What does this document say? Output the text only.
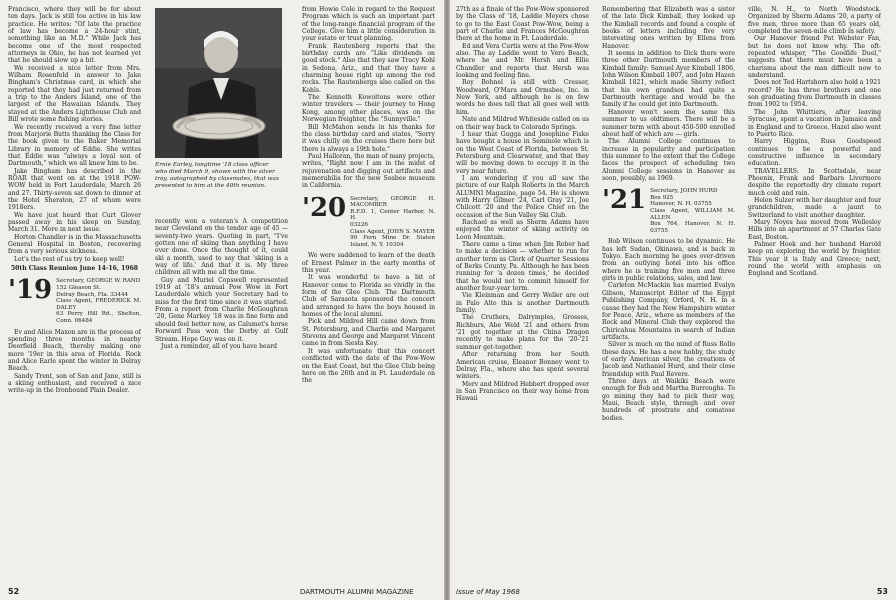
Francisco, where they will be for about ten days. Jack is still too active in his law practice. He writes: "Of late the practice of law has become a 24-hour stint, something like an M.D." While Jack has become one of the most respected attorneys in Ohio, he has not learned yet that he should slow up a bit.

We received a nice letter from Mrs. Wilham Rosenfeld in answer to Jake Bingham's Christmas card, in which she reported that they had just returned from a trip to the Anders Island, one of the largest of the Hawaiian Islands. They stayed at the Anders Lighthouse Club and Bill wrote some fishing stories.

We recently received a very fine letter from Marjorie Butts thanking the Class for the book given to the Baker Memorial Library in memory of Eddie. She writes that Eddie was "always a loyal son of Dartmouth," which we all knew him to be.

Jake Bingham has described in the ROAR that went on at the 1918 POW-WOW held in Fort Lauderdale, March 26 and 27. Thirty-seven sat down to dinner at the Hotel Sheraton, 27 of whom were 1918ers.

We have just heard that Curt Glover passed away in his sleep on Sunday, March 31. More in next issue.

Horton Chandler is in the Massachusetts General Hospital in Boston, recovering from a very serious sickness.

Let's the rest of us try to keep well!

50th Class Reunion June 14-16, 1968

'19 Secretary, GEORGE W. RAND
152 Gleason St.
Delray Beach, Fla. 33444
Class Agent, FREDERICK M. DALEY
63 Perry Hill Rd., Shelton, Conn. 06484

Ev and Alice Maxon are in the process of spending three months in nearby Deerfield Beach, thereby making one more '19er in this area of Florida. Rock and Alice Earle spent the winter in Delray Beach.

Sandy Trent, son of San and Jane, still is a skiing enthusiast, and received a nice write-up in the Ironbound Plain Dealer.

Ernie Earley, longtime '18 class officer who died March 9, shown with the silver tray, autographed by classmates, that was presented to him at the 40th reunion.

recently won a veteran's A competition near Cleveland on the tender age of 45 — seventy-two years. Quoting in part, "I've gotten one of skiing than anything I have ever done. Once the thought of it, could ski a month, used to say that 'skiing is a way of life.' And that it is. My three children all with me all the time.

Guy and Muriel Copswell represented 1919 at '18's annual Pow Wow in Fort Lauderdale which your Secretary had to miss for the first time since it was started. From a report from Charlie McGoughran '20, Gene Markey '18 was in fine form and should feel better now, as Calumet's horse Forward Pass won the Derby at Gulf Stream. Hope Guy was on it.

Just a reminder, all of you have heard

from Howie Cole in regard to the Request Program which is such an important part of the long-range financial program of the College. Give him a little consideration in your estate or trust planning.

Frank Rautenberg reports that the birthday cards are "Like dividends on good stock." Also that they saw Tracy Kohl in Sedona, Ariz., and that they have a charming house right up among the red rocks. The Rautenbergs also called on the Kohls.

The Kenneth Kowoltons were other winter travelers — their journey to Hong Kong, among other places, was on the Norwegian freighter, the "Sunnyville."

Bill McMahon sends in his thanks for the class birthday card and states, "Sorry it was chilly on the cruises there here but there is always a 19th hole."

Paul Halloran, the man of many projects, writes, "Right now I am in the midst of rejuvenation and digging out artifacts and memorabilia for the new Seabee museum in California.

'20 Secretary, GEORGE H. MACOMBER
R.F.D. 1, Center Harbor, N. H.
03226
Class Agent, JOHN S. MAYER
90 Fern Mine Dr. Staten Island, N. Y. 10304

We were saddened to learn of the death of Ernest Palmer in the early months of this year.

It was wonderful to have a bit of Hanover come to Florida so vividly in the form of the Glee Club. The Dartmouth Club of Sarasota sponsored the concert and arranged to have the boys housed in homes of the local alumni.

Pick and Mildred Hill came down from St. Petersburg, and Charlie and Margaret Stevens and George and Margaret Vincent came in from Siesta Key.

It was unfortunate that this concert conflicted with the date of the Pow-Wow on the East Coast, but the Glee Club being here on the 26th and in Ft. Lauderdale on the

52	DARTMOUTH ALUMNI MAGAZINE

27th as a finale of the Pow-Wow sponsored by the Class of '18, Laddie Meyers chose to go to the East Coast Pow-Wow, being a part of Charlie and Frances McGoughran there at the home in Ft. Lauderdale.

Ed and Vera Curtis were at the Pow-Wow also. The ay Laddie went to Vero Beach, where he and Mr. Hersh and Ellie Chandler and reports that Hersh was looking and feeling fine.

Roy Bohnel is still with Cresser, Woodward, O'Mara and Ormsbee, Inc. in New York, and although he is on few words he does tell that all goes well with him.

Nate and Mildred Whiteside called on us on their way back to Colorado Springs.

I hear that Gugga and Josephine Fiske have bought a house in Seminole which is on the West Coast of Florida, between St. Petersburg and Clearwater, and that they will be moving down to occupy it in the very near future.

I am wondering if you all saw the picture of our Ralph Roberts in the March ALUMNI Magazine, page 54. He is shown with Harry Gilmer '24, Carl Gray '21, Joe Chilcott '20 and the Police Chief on the occasion of the Sun Valley Ski Club.

Rachael as well as Sherm Adams have enjoyed the winter of skiing activity on Loon Mountain.

There came a time when Jim Reber had to make a decision — whether to run for another term as Clerk of Quarter Sessions of Berks County, Pa. Although he has been running for 'a dozen times,' he decided that he would not to commit himself for another four-year term.

Vie Kleinman and Gerry Weller are out in Palo Alto this is another Dartmouth family.

The Cruthers, Dalrymples, Grosses, Richburs, Abe Weld '21 and others from '21 got together at the China Dragon recently to make plans for the '20-'21 summer get-together.

After returning from her South American cruise, Eleanor Bonney went to Delray, Fla., where she has spent several winters.

Merv and Mildred Hebbert dropped over in San Francisco on their way home from Hawaii

Remembering that Elizabeth was a sister of the late Dick Kimball, they looked up the Kimball records and found a couple of books of letters including five very interesting ones written by Ellens from Hanover.

It seems in addition to Dick there were three other Dartmouth members of the Kimball family: Samuel Ayer Kimball 1806, John Wilson Kimball 1807, and John Hazen Kimball 1821, which made Sherry reflect that his own grandson had quite a Dartmouth heritage and would be the family if he could get into Dartmouth.

Hanover won't seem the same this summer to us oldtimers. There will be a summer term with about 450-500 enrolled about half of which are — girls.

The Alumni College continues to increase in popularity and participation this summer to the extent that the College faces the prospect of scheduling two Alumni College sessions in Hanover as soon, possibly, as 1969.

'21 Secretary, JOHN HURD
Box 925
Hanover, N. H. 03755
Class Agent, WILLIAM M. ALLEN
Box 764, Hanover, N. H. 03755

Bob Wilson continues to be dynamic. He has left Sudan, Okinawa, and is back in Tokyo. Each morning he goes over-driven from an outlying hotel into his office where he is training five men and three girls in public relations, sales, and law.

Carleton McMackin has married Evalyn Gibson, Manuscript Editor of the Egypt Publishing Company, Orford, N. H. in a cause they had the New Hampshire winter for Peace, Ariz., where as members of the Rock and Mineral Club they explored the Chiricahua Mountains in search of Indian artifacts.

Silver is much on the mind of Russ Rollo these days. He has a new hobby, the study of early American silver, the creations of Jacob and Nathaniel Hurd, and their close friendship with Paul Revere.

Three days at Waikiki Beach were enough for Bob and Martha Burroughs. To go mining they had to pick their way, Maui, Beach style, through and over hundreds of prostrate and comatose bodies.

ville, N. H., to North Woodstock. Organized by Sherm Adams '20, a party of five men, three more than 65 years old, completed the seven-mile climb in safety.

Our Hanover friend Pat Webster Fan, but he does not know why. The oft-repeated whisper, "The Goodlife Duel," suggests that there must have been a charisma about the man difficult now to understand.

Does not Ted Hartshorn also hold a 1921 record? He has three brothers and one son graduating from Dartmouth in classes from 1902 to 1954.

The John Whittiers, after leaving Syracuse, spent a vacation in Jamaica and in England and to Greece. Hazel also went to Puerto Rico.

Harry Higgins, Russ Goodspeed continues to be a powerful and constructive influence in secondary education.

TRAVELLERS: In Scottsdale, near Phoenix, Frank and Barbara Livermore despite the reportedly dry climate report much cold and rain.

Helen Sulzer with her daughter and four grandchildren, made a jaunt to Switzerland to visit another daughter.

Mary Noyes has moved from Wellesley Hills into an apartment at 57 Charles Gate East, Boston.

Palmer Hoek and her husband Harold keep on exploring the world by freighter. This year it is Italy and Greece; next, round the world with emphasis on England and Scotland.

Issue of May 1968	53
